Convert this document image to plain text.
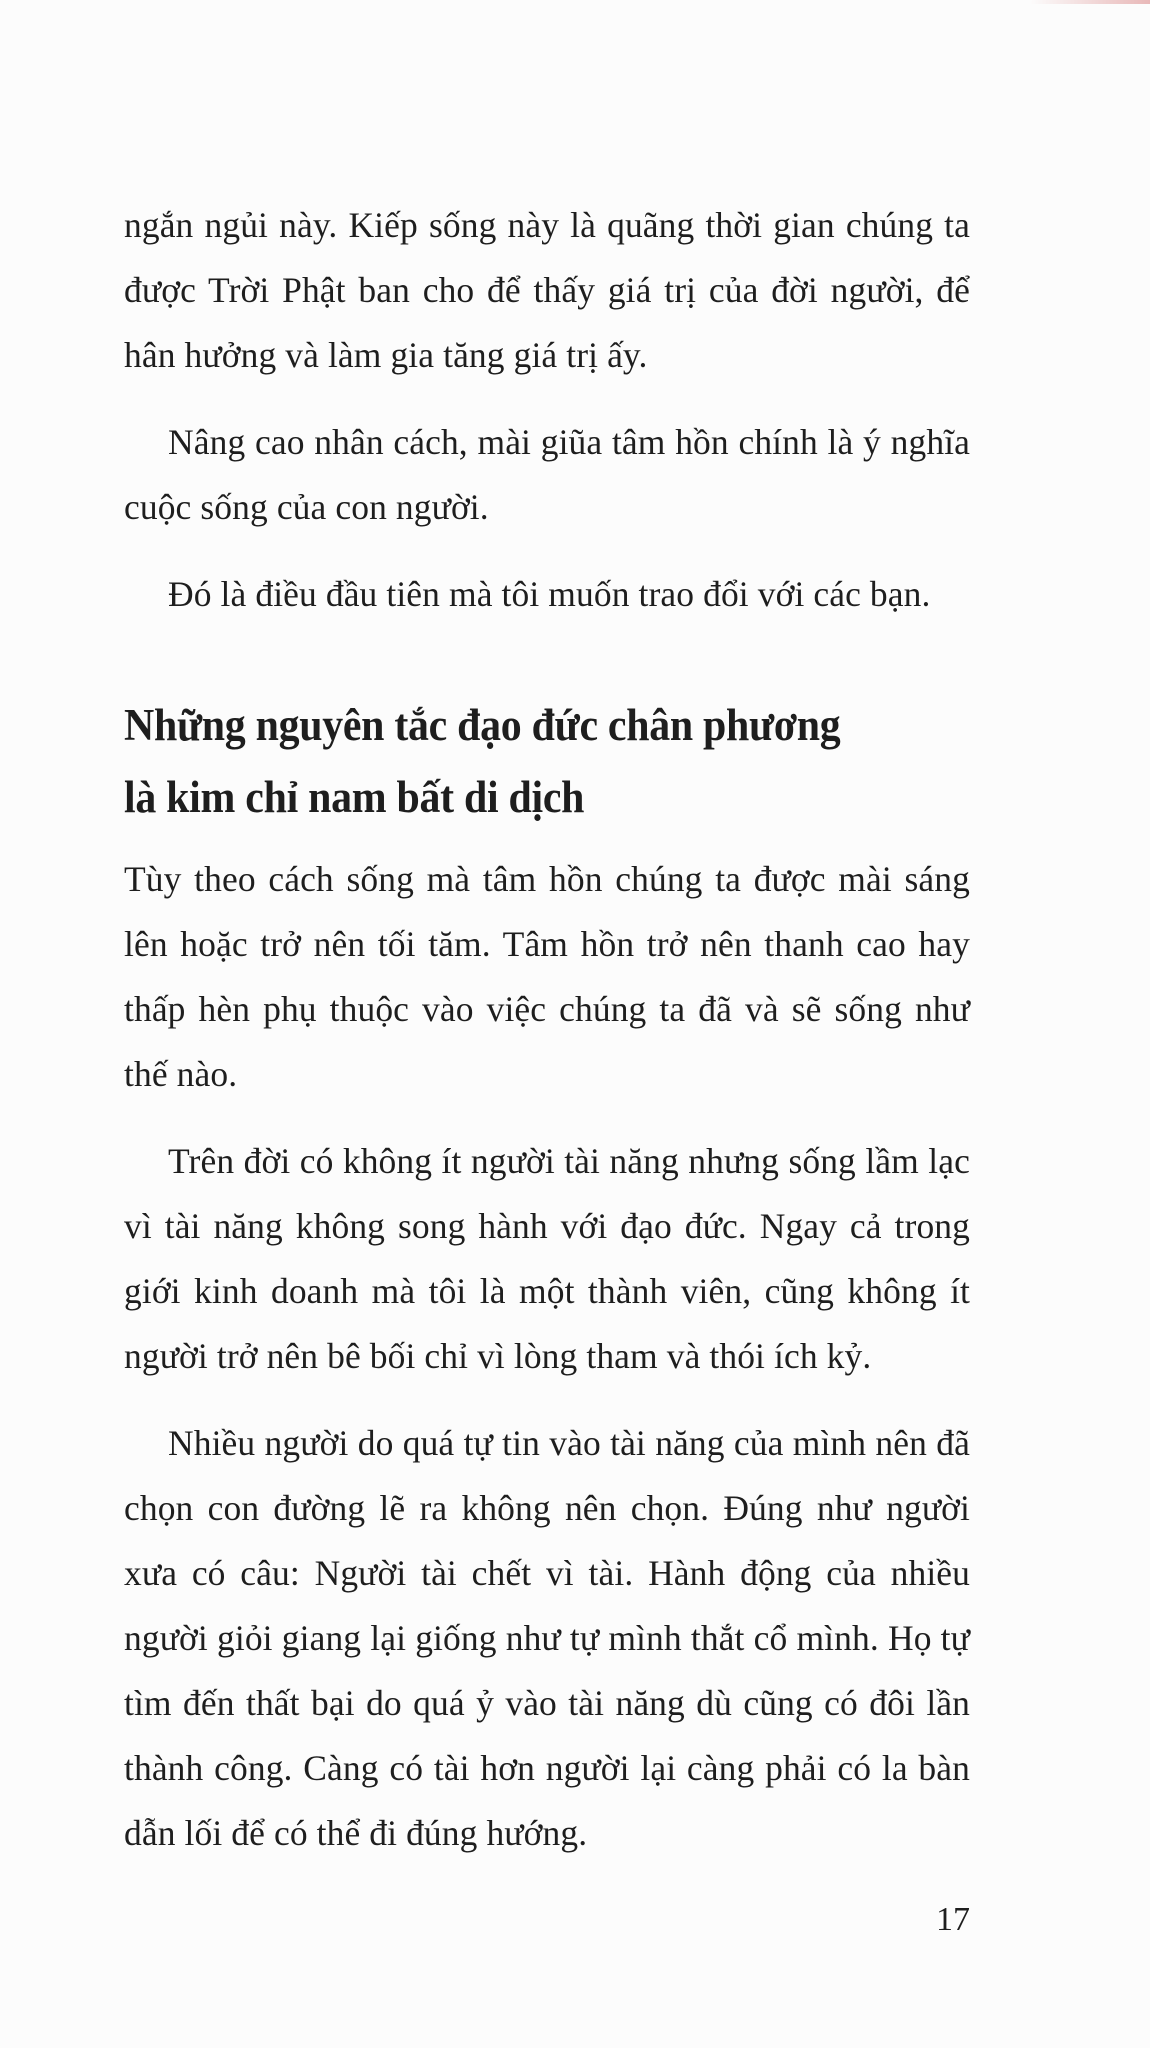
ngắn ngủi này. Kiếp sống này là quãng thời gian chúng ta được Trời Phật ban cho để thấy giá trị của đời người, để hân hưởng và làm gia tăng giá trị ấy.

Nâng cao nhân cách, mài giũa tâm hồn chính là ý nghĩa cuộc sống của con người.

Đó là điều đầu tiên mà tôi muốn trao đổi với các bạn.

Những nguyên tắc đạo đức chân phương
là kim chỉ nam bất di dịch

Tùy theo cách sống mà tâm hồn chúng ta được mài sáng lên hoặc trở nên tối tăm. Tâm hồn trở nên thanh cao hay thấp hèn phụ thuộc vào việc chúng ta đã và sẽ sống như thế nào.

Trên đời có không ít người tài năng nhưng sống lầm lạc vì tài năng không song hành với đạo đức. Ngay cả trong giới kinh doanh mà tôi là một thành viên, cũng không ít người trở nên bê bối chỉ vì lòng tham và thói ích kỷ.

Nhiều người do quá tự tin vào tài năng của mình nên đã chọn con đường lẽ ra không nên chọn. Đúng như người xưa có câu: Người tài chết vì tài. Hành động của nhiều người giỏi giang lại giống như tự mình thắt cổ mình. Họ tự tìm đến thất bại do quá ỷ vào tài năng dù cũng có đôi lần thành công. Càng có tài hơn người lại càng phải có la bàn dẫn lối để có thể đi đúng hướng.

17
